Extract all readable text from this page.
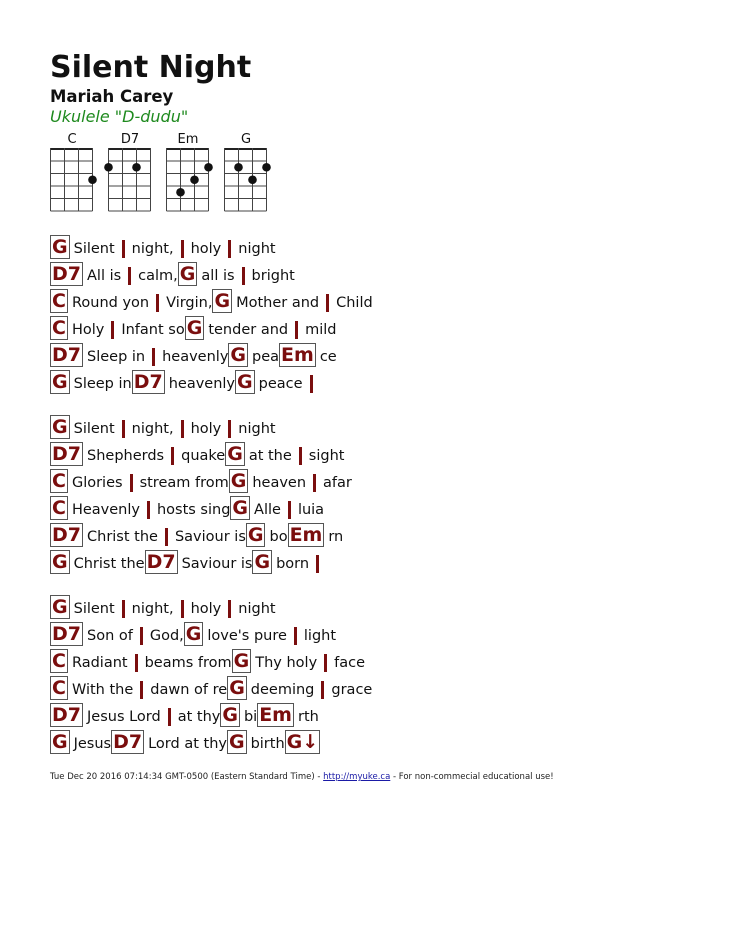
Silent Night
Mariah Carey
Ukulele "D-dudu"
C	D7	Em	G
G Silent night, holy night
D7 All is calm, G all is bright
C Round yon Virgin, G Mother and Child
C Holy Infant so G tender and mild
D7 Sleep in heavenly G pea Em ce
G Sleep in D7 heavenly G peace
G Silent night, holy night
D7 Shepherds quake G at the sight
C Glories stream from G heaven afar
C Heavenly hosts sing G Alle luia
D7 Christ the Saviour is G bo Em rn
G Christ the D7 Saviour is G born
G Silent night, holy night
D7 Son of God, G love's pure light
C Radiant beams from G Thy holy face
C With the dawn of re G deeming grace
D7 Jesus Lord at thy G bi Em rth
G Jesus D7 Lord at thy G birth G↓
Tue Dec 20 2016 07:14:34 GMT-0500 (Eastern Standard Time) - http://myuke.ca - For non-commecial educational use!
